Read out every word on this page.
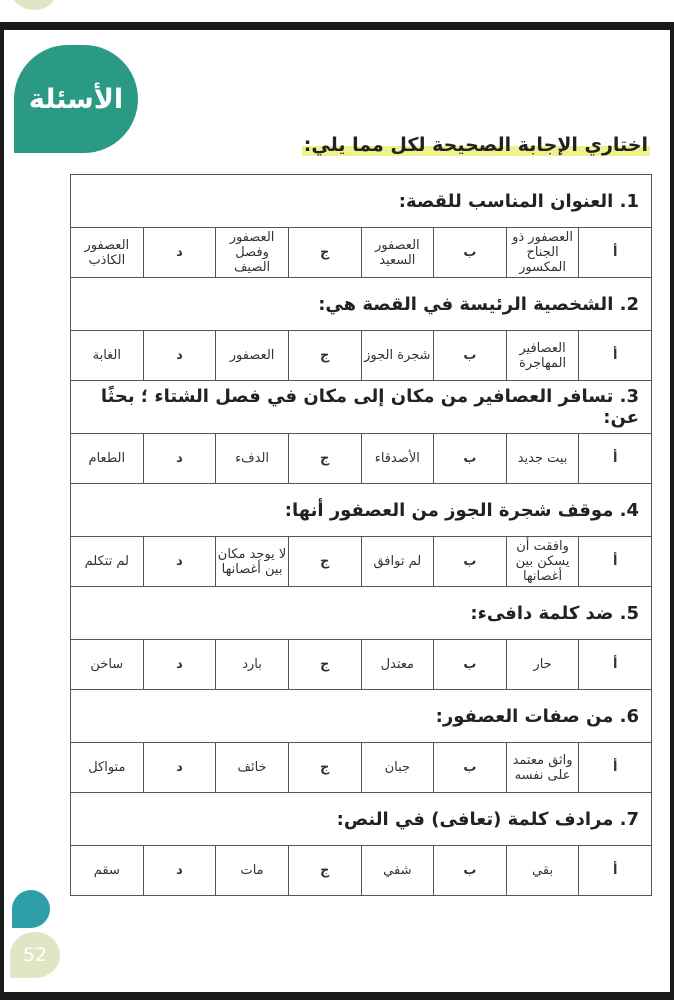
الأسئلة
اختاري الإجابة الصحيحة لكل مما يلي:
1. العنوان المناسب للقصة:							
أ	العصفور ذو الجناح المكسور	ب	العصفور السعيد	ج	العصفور وفصل الصيف	د	العصفور الكاذب
2. الشخصية الرئيسة في القصة هي:							
أ	العصافير المهاجرة	ب	شجرة الجوز	ج	العصفور	د	الغابة
3. تسافر العصافير من مكان إلى مكان في فصل الشتاء ؛ بحثًا عن:							
أ	بيت جديد	ب	الأصدقاء	ج	الدفء	د	الطعام
4. موقف شجرة الجوز من العصفور أنها:							
أ	وافقت أن يسكن بين أغصانها	ب	لم توافق	ج	لا يوجد مكان بين أغصانها	د	لم تتكلم
5. ضد كلمة دافىء:							
أ	حار	ب	معتدل	ج	بارد	د	ساخن
6. من صفات العصفور:							
أ	واثق معتمد على نفسه	ب	جبان	ج	خائف	د	متواكل
7. مرادف كلمة (تعافى) في النص:							
أ	بقي	ب	شفي	ج	مات	د	سقم
52
